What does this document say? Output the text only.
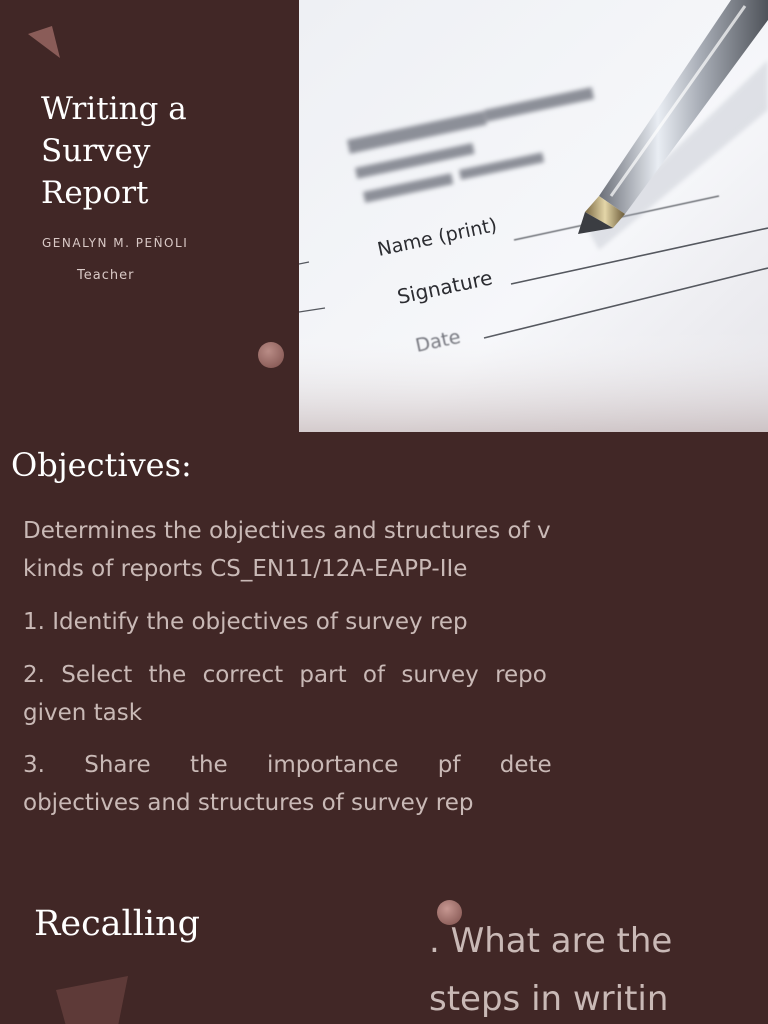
Writing a
Survey
Report
GENALYN M. PEÑOLI
Teacher
Name (print)
Signature
Objectives:
Determines the objectives and structures of v
kinds of reports CS_EN11/12A-EAPP-IIe
1. Identify the objectives of survey rep
2. Select the correct part of survey repo
given task
3. Share the importance pf dete
objectives and structures of survey rep
Recalling	. What are the
steps in writin
